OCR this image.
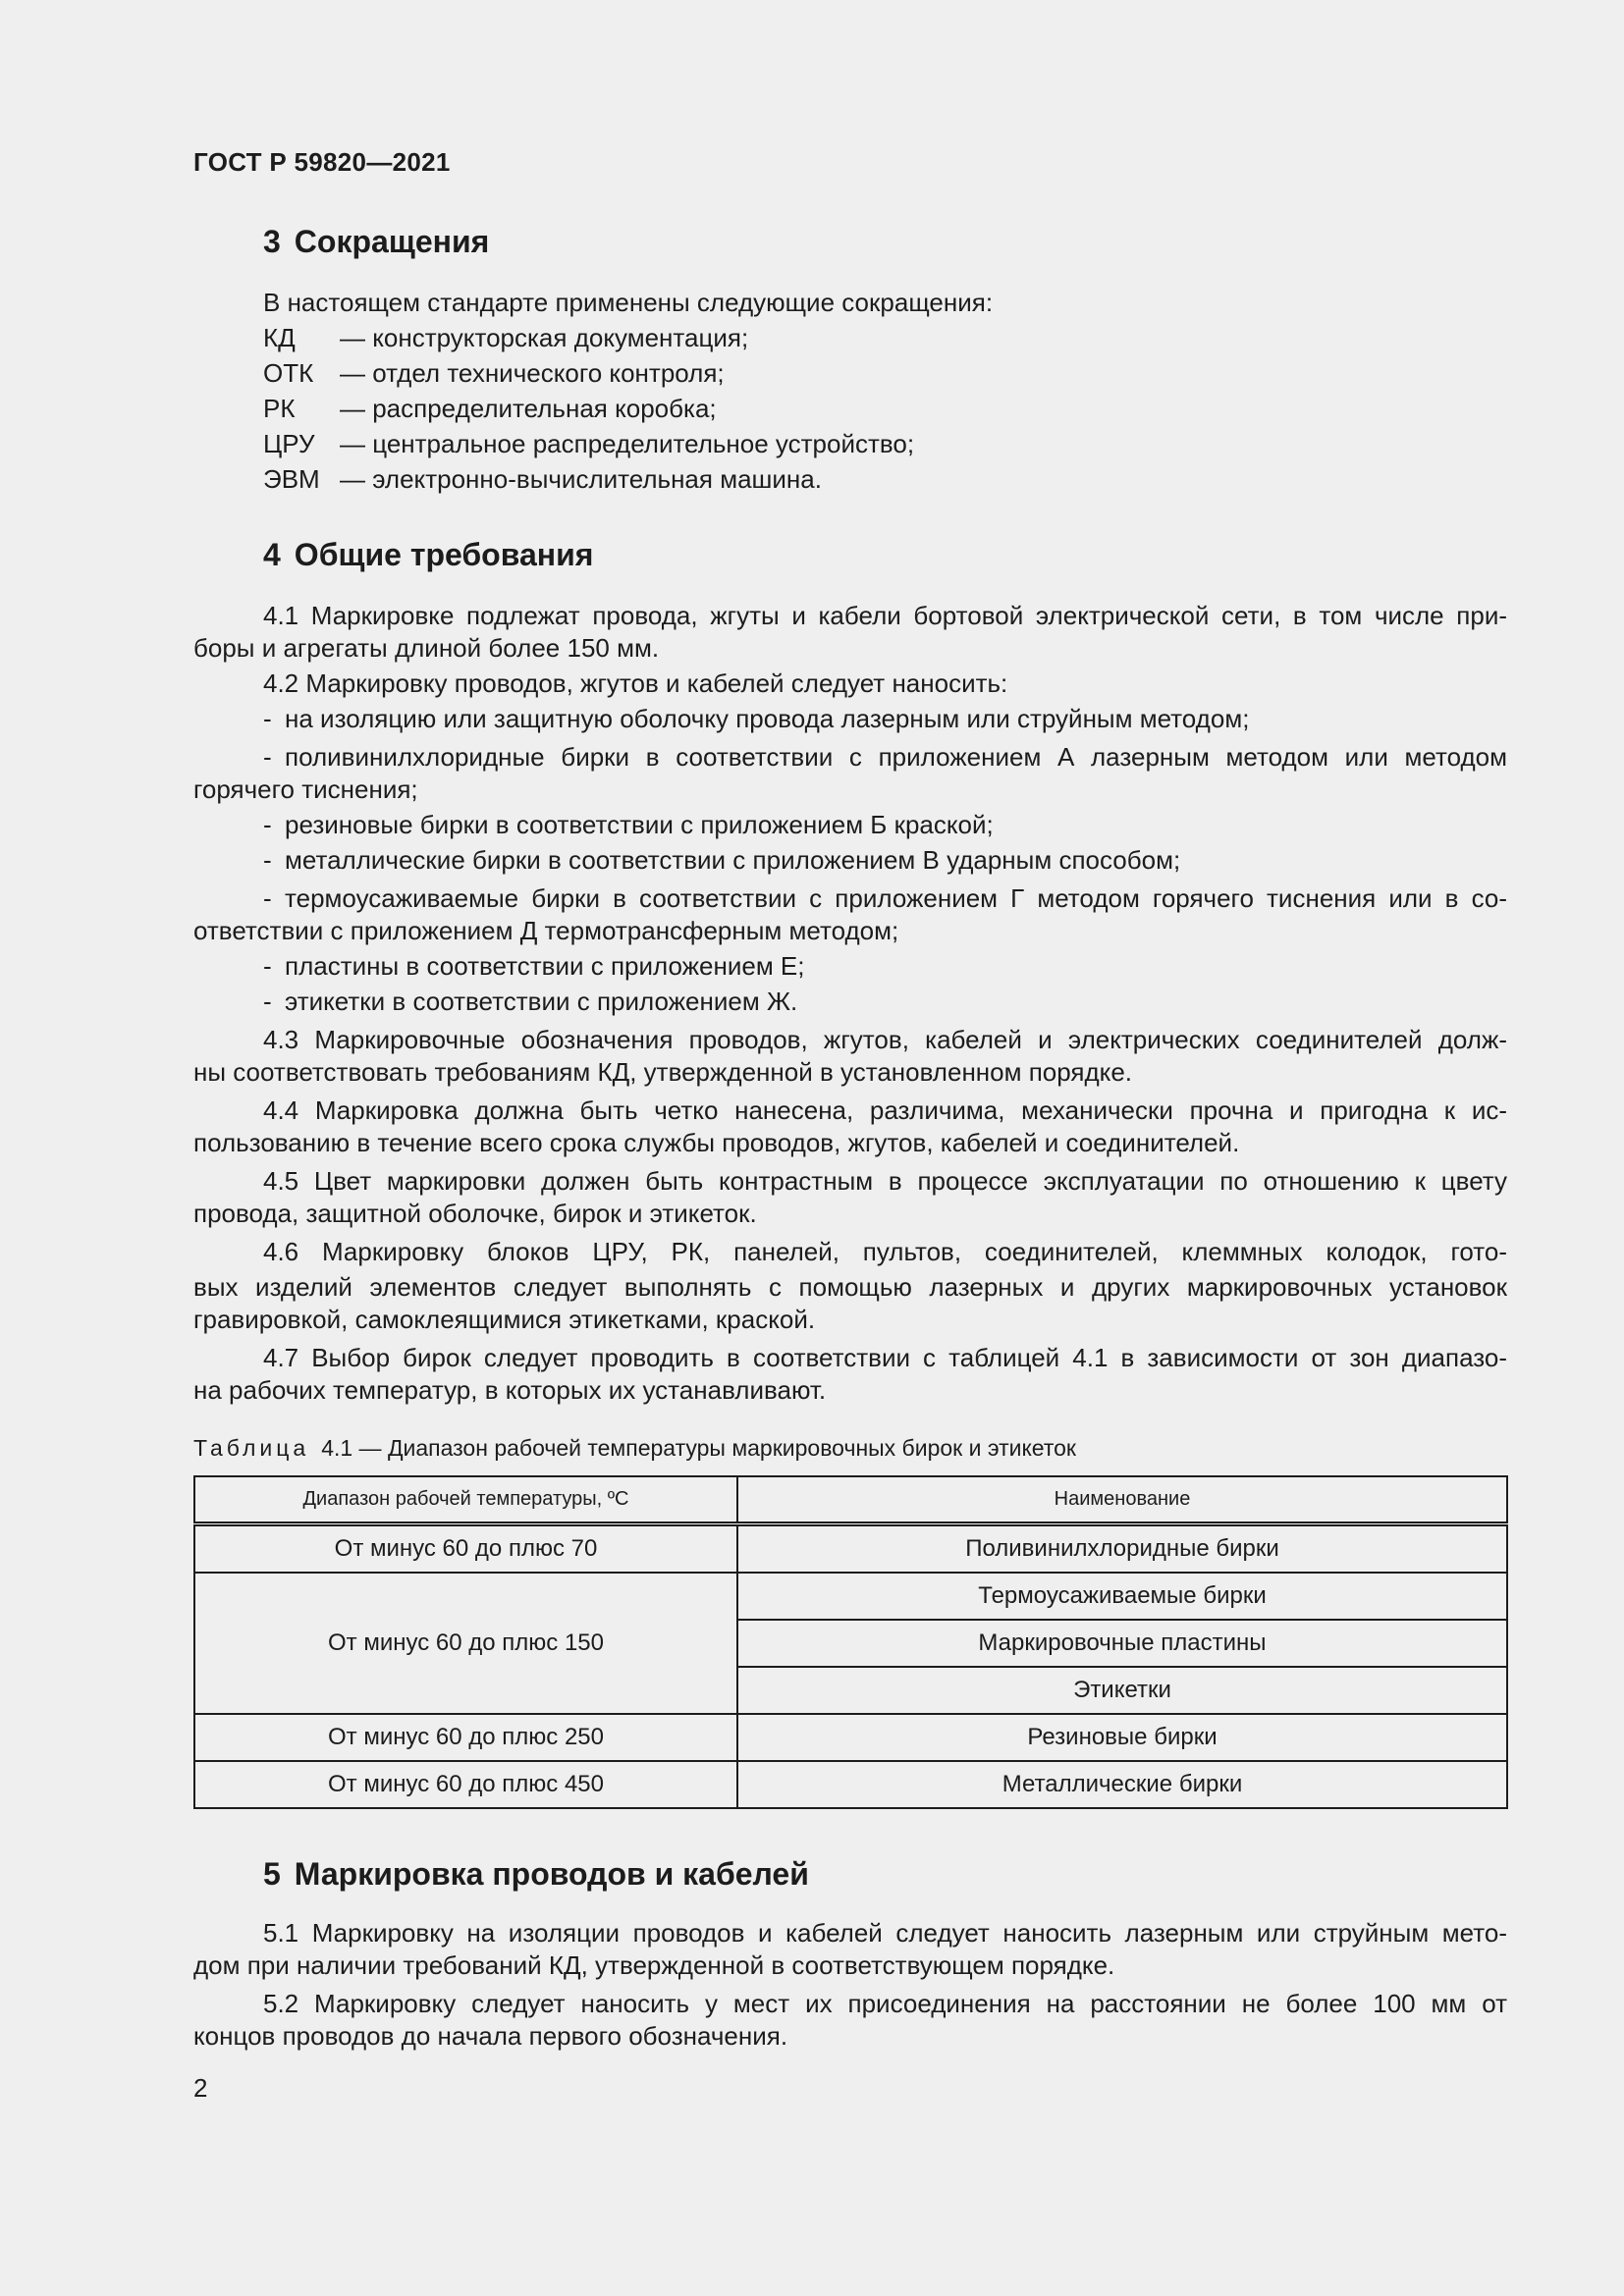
ГОСТ Р 59820—2021
3 Сокращения
В настоящем стандарте применены следующие сокращения:
КД — конструкторская документация;
ОТК — отдел технического контроля;
РК — распределительная коробка;
ЦРУ — центральное распределительное устройство;
ЭВМ — электронно-вычислительная машина.
4 Общие требования
4.1 Маркировке подлежат провода, жгуты и кабели бортовой электрической сети, в том числе при-
боры и агрегаты длиной более 150 мм.
4.2 Маркировку проводов, жгутов и кабелей следует наносить:
- на изоляцию или защитную оболочку провода лазерным или струйным методом;
- поливинилхлоридные бирки в соответствии с приложением А лазерным методом или методом
горячего тиснения;
- резиновые бирки в соответствии с приложением Б краской;
- металлические бирки в соответствии с приложением В ударным способом;
- термоусаживаемые бирки в соответствии с приложением Г методом горячего тиснения или в со-
ответствии с приложением Д термотрансферным методом;
- пластины в соответствии с приложением Е;
- этикетки в соответствии с приложением Ж.
4.3 Маркировочные обозначения проводов, жгутов, кабелей и электрических соединителей долж-
ны соответствовать требованиям КД, утвержденной в установленном порядке.
4.4 Маркировка должна быть четко нанесена, различима, механически прочна и пригодна к ис-
пользованию в течение всего срока службы проводов, жгутов, кабелей и соединителей.
4.5 Цвет маркировки должен быть контрастным в процессе эксплуатации по отношению к цвету
провода, защитной оболочке, бирок и этикеток.
4.6 Маркировку блоков ЦРУ, РК, панелей, пультов, соединителей, клеммных колодок, гото-
вых изделий элементов следует выполнять с помощью лазерных и других маркировочных установок
гравировкой, самоклеящимися этикетками, краской.
4.7 Выбор бирок следует проводить в соответствии с таблицей 4.1 в зависимости от зон диапазо-
на рабочих температур, в которых их устанавливают.
Таблица 4.1 — Диапазон рабочей температуры маркировочных бирок и этикеток
Диапазон рабочей температуры, ºС	Наименование
От минус 60 до плюс 70	Поливинилхлоридные бирки
От минус 60 до плюс 150	Термоусаживаемые бирки
	Маркировочные пластины
	Этикетки
От минус 60 до плюс 250	Резиновые бирки
От минус 60 до плюс 450	Металлические бирки
5 Маркировка проводов и кабелей
5.1 Маркировку на изоляции проводов и кабелей следует наносить лазерным или струйным мето-
дом при наличии требований КД, утвержденной в соответствующем порядке.
5.2 Маркировку следует наносить у мест их присоединения на расстоянии не более 100 мм от
концов проводов до начала первого обозначения.
2
